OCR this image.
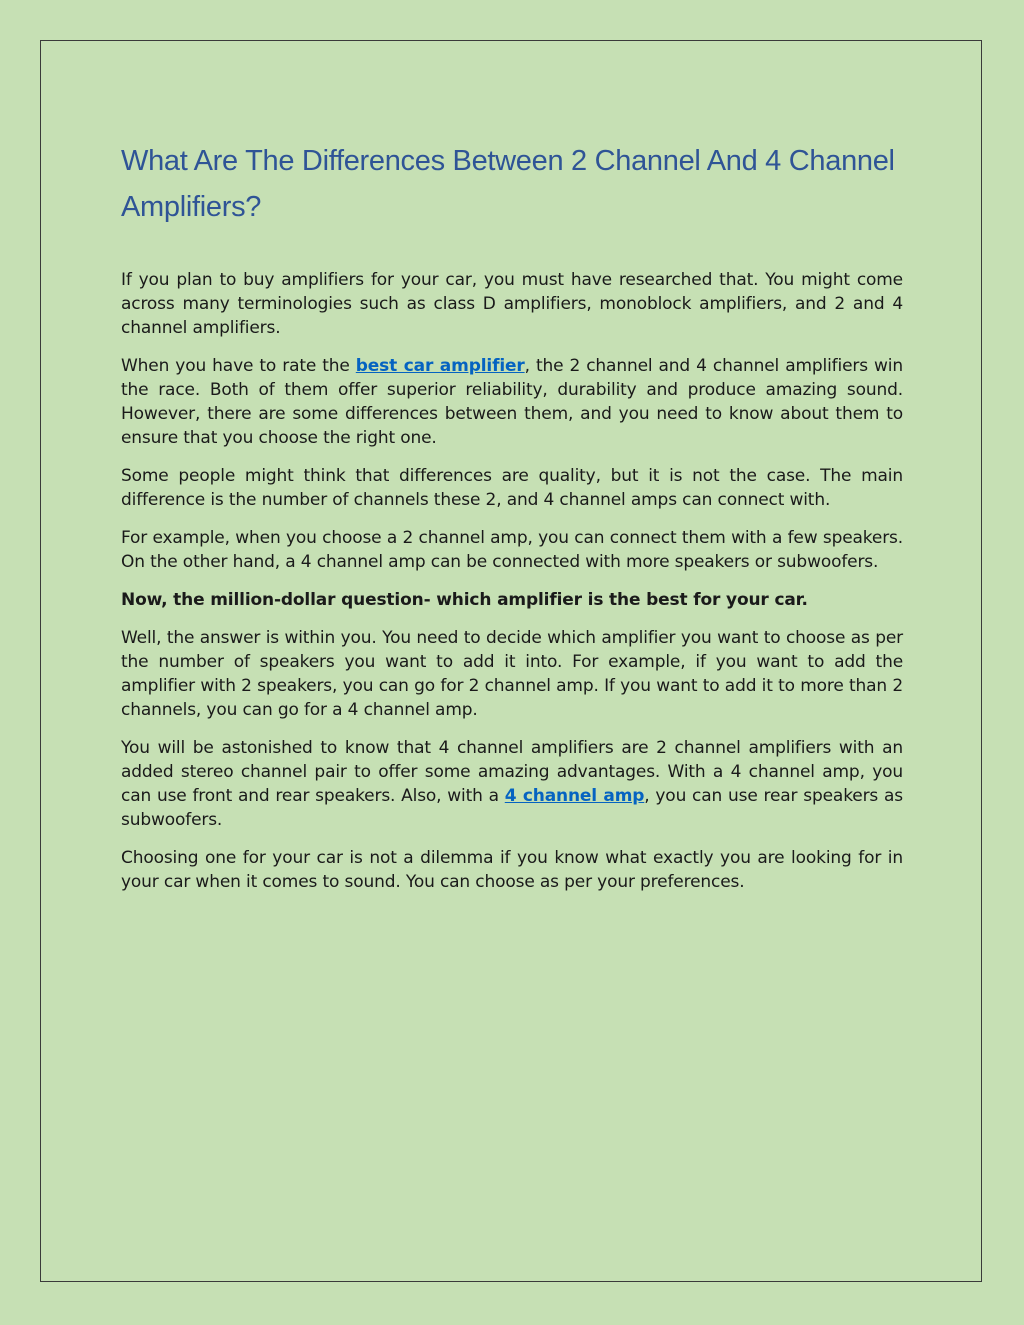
What Are The Differences Between 2 Channel And 4 Channel Amplifiers?

If you plan to buy amplifiers for your car, you must have researched that. You might come across many terminologies such as class D amplifiers, monoblock amplifiers, and 2 and 4 channel amplifiers.

When you have to rate the best car amplifier, the 2 channel and 4 channel amplifiers win the race. Both of them offer superior reliability, durability and produce amazing sound. However, there are some differences between them, and you need to know about them to ensure that you choose the right one.

Some people might think that differences are quality, but it is not the case. The main difference is the number of channels these 2, and 4 channel amps can connect with.

For example, when you choose a 2 channel amp, you can connect them with a few speakers. On the other hand, a 4 channel amp can be connected with more speakers or subwoofers.

Now, the million-dollar question- which amplifier is the best for your car.

Well, the answer is within you. You need to decide which amplifier you want to choose as per the number of speakers you want to add it into. For example, if you want to add the amplifier with 2 speakers, you can go for 2 channel amp. If you want to add it to more than 2 channels, you can go for a 4 channel amp.

You will be astonished to know that 4 channel amplifiers are 2 channel amplifiers with an added stereo channel pair to offer some amazing advantages. With a 4 channel amp, you can use front and rear speakers. Also, with a 4 channel amp, you can use rear speakers as subwoofers.

Choosing one for your car is not a dilemma if you know what exactly you are looking for in your car when it comes to sound. You can choose as per your preferences.
